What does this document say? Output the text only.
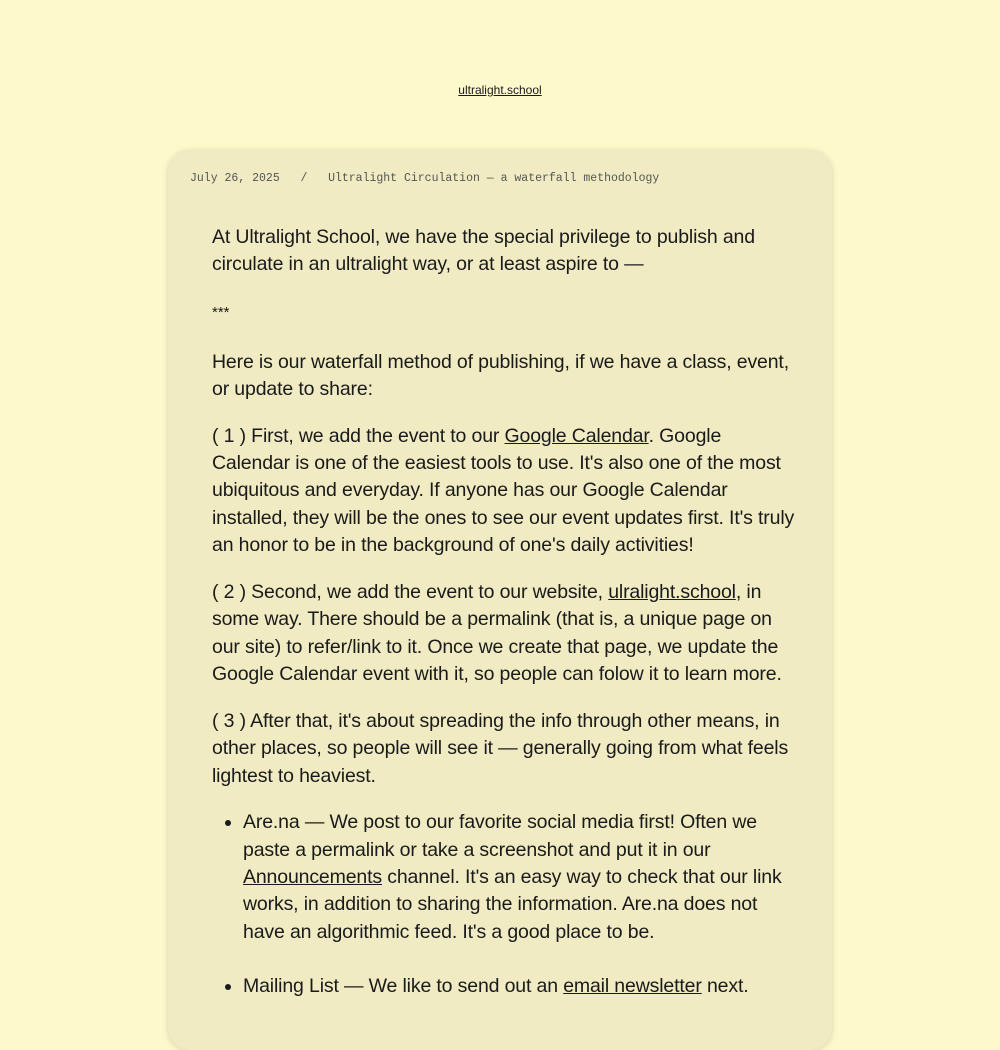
ultralight.school
July 26, 2025 / Ultralight Circulation — a waterfall methodology

At Ultralight School, we have the special privilege to publish and circulate in an ultralight way, or at least aspire to —

***

Here is our waterfall method of publishing, if we have a class, event, or update to share:

( 1 ) First, we add the event to our Google Calendar. Google Calendar is one of the easiest tools to use. It's also one of the most ubiquitous and everyday. If anyone has our Google Calendar installed, they will be the ones to see our event updates first. It's truly an honor to be in the background of one's daily activities!

( 2 ) Second, we add the event to our website, ulralight.school, in some way. There should be a permalink (that is, a unique page on our site) to refer/link to it. Once we create that page, we update the Google Calendar event with it, so people can folow it to learn more.

( 3 ) After that, it's about spreading the info through other means, in other places, so people will see it — generally going from what feels lightest to heaviest.

• Are.na — We post to our favorite social media first! Often we paste a permalink or take a screenshot and put it in our Announcements channel. It's an easy way to check that our link works, in addition to sharing the information. Are.na does not have an algorithmic feed. It's a good place to be.
• Mailing List — We like to send out an email newsletter next.
